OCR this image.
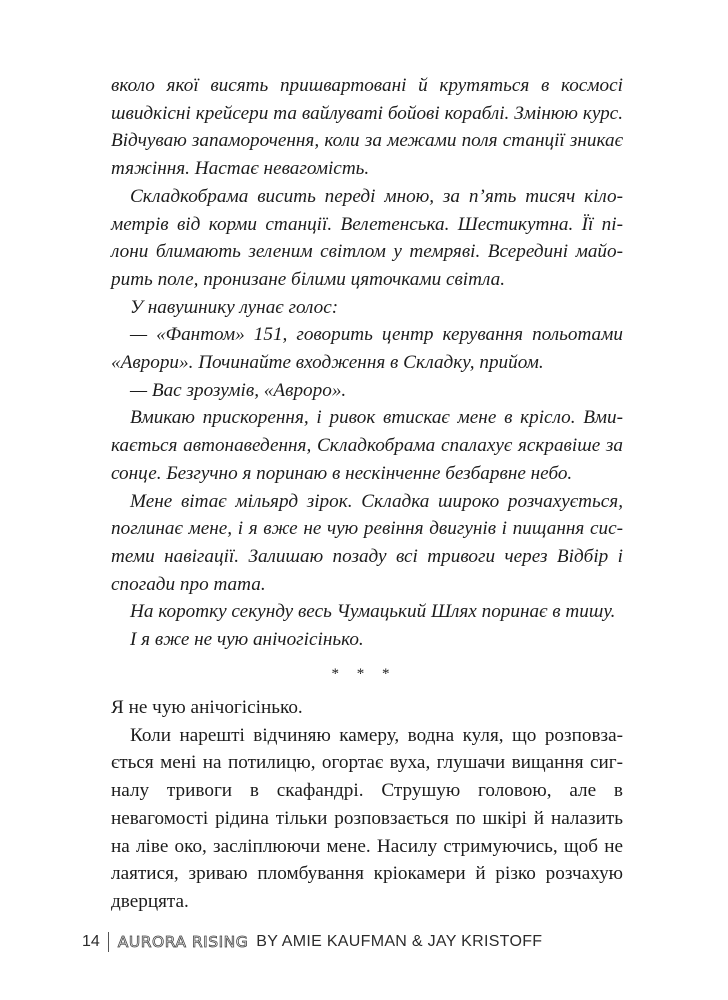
вколо якої висять пришвартовані й крутяться в космосі швидкісні крейсери та вайлуваті бойові кораблі. Змінюю курс. Відчуваю запаморочення, коли за межами поля станції зникає тяжіння. Настає невагомість.

Складкобрама висить переді мною, за п’ять тисяч кілометрів від корми станції. Велетенська. Шестикутна. Її пілони блимають зеленим світлом у темряві. Всередині майорить поле, пронизане білими цяточками світла.

У навушнику лунає голос:

— «Фантом» 151, говорить центр керування польотами «Аврори». Починайте входження в Складку, прийом.

— Вас зрозумів, «Авроро».

Вмикаю прискорення, і ривок втискає мене в крісло. Вмикається автонаведення, Складкобрама спалахує яскравіше за сонце. Безгучно я поринаю в нескінченне безбарвне небо.

Мене вітає мільярд зірок. Складка широко розчахується, поглинає мене, і я вже не чую ревіння двигунів і пищання системи навігації. Залишаю позаду всі тривоги через Відбір і спогади про тата.

На коротку секунду весь Чумацький Шлях поринає в тишу.

І я вже не чую анічогісінько.

* * *

Я не чую анічогісінько.

Коли нарешті відчиняю камеру, водна куля, що розповзається мені на потилицю, огортає вуха, глушачи вищання сигналу тривоги в скафандрі. Струшую головою, але в невагомості рідина тільки розповзається по шкірі й налазить на ліве око, засліплюючи мене. Насилу стримуючись, щоб не лаятися, зриваю пломбування кріокамери й різко розчахую дверцята.

14 AURORA RISING BY AMIE KAUFMAN & JAY KRISTOFF
